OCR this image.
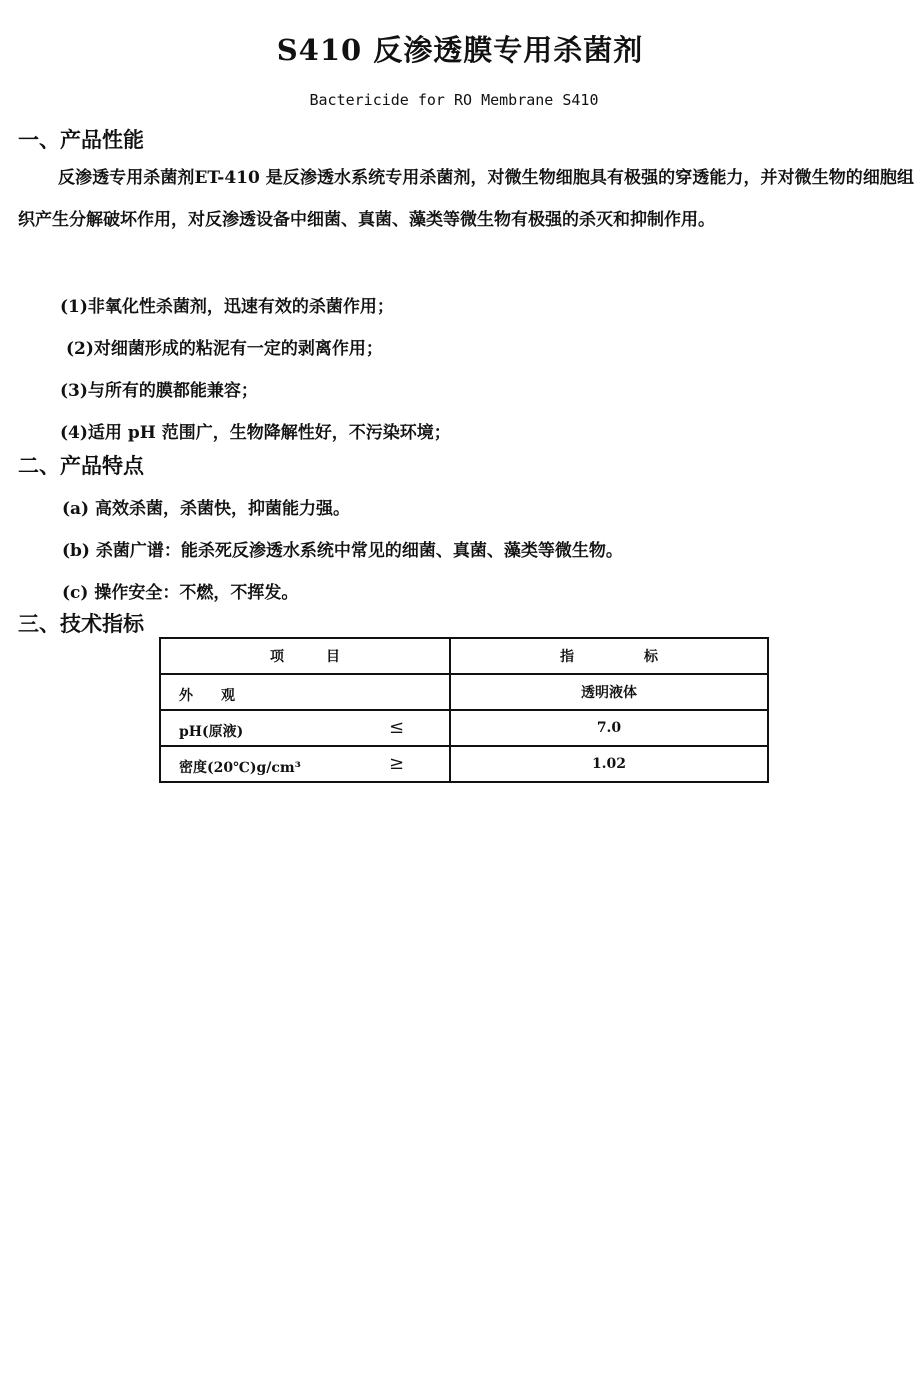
S410 反渗透膜专用杀菌剂
Bactericide for RO Membrane S410
一、产品性能
反渗透专用杀菌剂ET-410 是反渗透水系统专用杀菌剂，对微生物细胞具有极强的穿透能力，并对微生物的细胞组织产生分解破坏作用，对反渗透设备中细菌、真菌、藻类等微生物有极强的杀灭和抑制作用。
(1)非氧化性杀菌剂，迅速有效的杀菌作用；
(2)对细菌形成的粘泥有一定的剥离作用；
(3)与所有的膜都能兼容；
(4)适用 pH 范围广，生物降解性好，不污染环境；
二、产品特点
(a) 高效杀菌，杀菌快，抑菌能力强。
(b) 杀菌广谱：能杀死反渗透水系统中常见的细菌、真菌、藻类等微生物。
(c) 操作安全：不燃，不挥发。
三、技术指标
项　　　目	指　　　　　标

外　　观	透明液体

pH(原液) ≤	7.0

密度(20℃)g/cm³ ≥	1.02
